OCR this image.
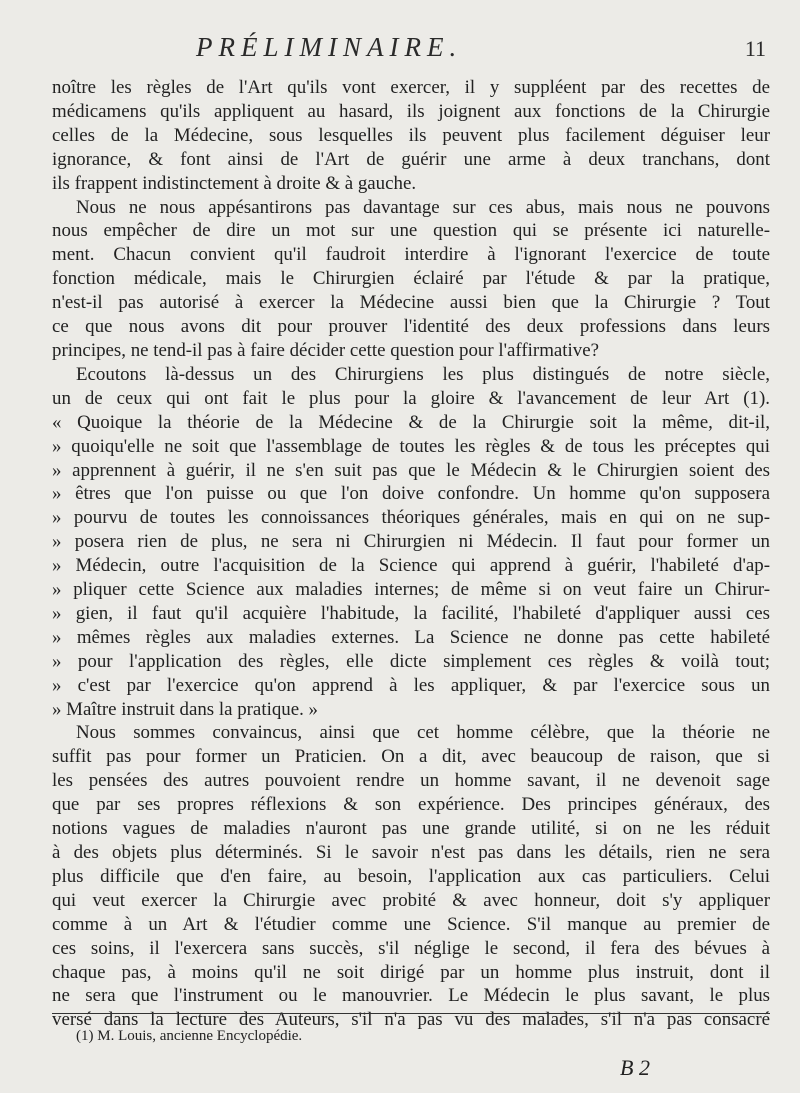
PRÉLIMINAIRE.	11
noître les règles de l'Art qu'ils vont exercer, il y suppléent par des recettes de
médicamens qu'ils appliquent au hasard, ils joignent aux fonctions de la Chirurgie
celles de la Médecine, sous lesquelles ils peuvent plus facilement déguiser leur
ignorance, & font ainsi de l'Art de guérir une arme à deux tranchans, dont
ils frappent indistinctement à droite & à gauche.
Nous ne nous appésantirons pas davantage sur ces abus, mais nous ne pouvons
nous empêcher de dire un mot sur une question qui se présente ici naturelle-
ment. Chacun convient qu'il faudroit interdire à l'ignorant l'exercice de toute
fonction médicale, mais le Chirurgien éclairé par l'étude & par la pratique,
n'est-il pas autorisé à exercer la Médecine aussi bien que la Chirurgie ? Tout
ce que nous avons dit pour prouver l'identité des deux professions dans leurs
principes, ne tend-il pas à faire décider cette question pour l'affirmative?
Ecoutons là-dessus un des Chirurgiens les plus distingués de notre siècle,
un de ceux qui ont fait le plus pour la gloire & l'avancement de leur Art (1).
« Quoique la théorie de la Médecine & de la Chirurgie soit la même, dit-il,
» quoiqu'elle ne soit que l'assemblage de toutes les règles & de tous les préceptes qui
» apprennent à guérir, il ne s'en suit pas que le Médecin & le Chirurgien soient des
» êtres que l'on puisse ou que l'on doive confondre. Un homme qu'on supposera
» pourvu de toutes les connoissances théoriques générales, mais en qui on ne sup-
» posera rien de plus, ne sera ni Chirurgien ni Médecin. Il faut pour former un
» Médecin, outre l'acquisition de la Science qui apprend à guérir, l'habileté d'ap-
» pliquer cette Science aux maladies internes; de même si on veut faire un Chirur-
» gien, il faut qu'il acquière l'habitude, la facilité, l'habileté d'appliquer aussi ces
» mêmes règles aux maladies externes. La Science ne donne pas cette habileté
» pour l'application des règles, elle dicte simplement ces règles & voilà tout;
» c'est par l'exercice qu'on apprend à les appliquer, & par l'exercice sous un
» Maître instruit dans la pratique. »
Nous sommes convaincus, ainsi que cet homme célèbre, que la théorie ne
suffit pas pour former un Praticien. On a dit, avec beaucoup de raison, que si
les pensées des autres pouvoient rendre un homme savant, il ne devenoit sage
que par ses propres réflexions & son expérience. Des principes généraux, des
notions vagues de maladies n'auront pas une grande utilité, si on ne les réduit
à des objets plus déterminés. Si le savoir n'est pas dans les détails, rien ne sera
plus difficile que d'en faire, au besoin, l'application aux cas particuliers. Celui
qui veut exercer la Chirurgie avec probité & avec honneur, doit s'y appliquer
comme à un Art & l'étudier comme une Science. S'il manque au premier de
ces soins, il l'exercera sans succès, s'il néglige le second, il fera des bévues à
chaque pas, à moins qu'il ne soit dirigé par un homme plus instruit, dont il
ne sera que l'instrument ou le manouvrier. Le Médecin le plus savant, le plus
versé dans la lecture des Auteurs, s'il n'a pas vu des malades, s'il n'a pas consacré
(1) M. Louis, ancienne Encyclopédie.
B 2
